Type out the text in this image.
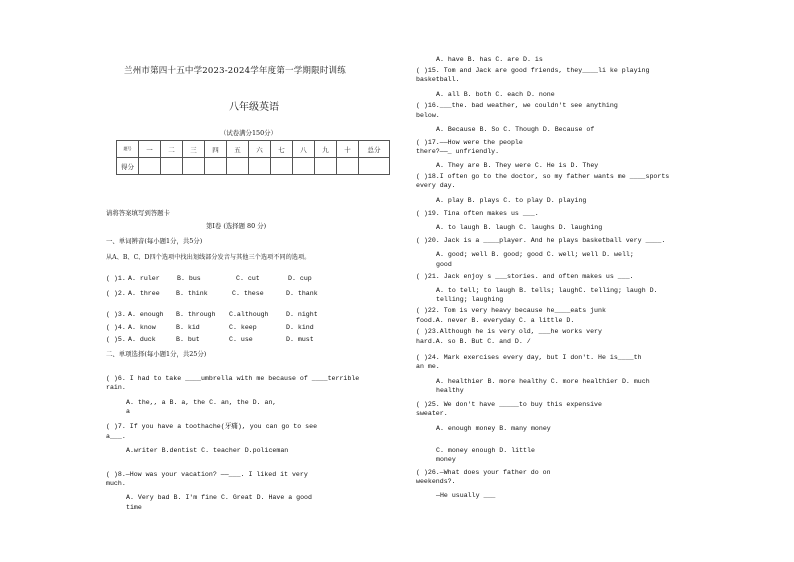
兰州市第四十五中学2023-2024学年度第一学期限时训练
八年级英语
（试卷满分150分）
题号	一	二	三	四	五	六	七	八	九	十	总分
得分											
请将答案填写到答题卡
第Ⅰ卷 (选择题 80 分)
一、单词辨音(每小题1分，共5分)
从A、B、C、D四个选项中找出划线部分发音与其他三个选项不同的选项。
( )1. A. ruler	B. bus	C. cut	D. cup
( )2. A. three B. think	C. these	D. thank
( )3. A. enough B. through C.although	D. night
( )4. A. know	B. kid	C. keep	D. kind
( )5. A. duck	B. but	C. use	D. must
二、单项选择(每小题1分，共25分)
( )6. I had to take ____umbrella with me because of ____terrible
rain.
A. the,, a B. a, the C. an, the D. an,
a
( )7. If you have a toothache(牙痛), you can go to see
a___.
A.writer B.dentist C. teacher D.policeman
( )8.—How was your vacation? ——___. I liked it very
much.
A. Very bad B. I'm fine C. Great D. Have a good
time
A. have B. has C. are D. is
( )15. Tom and Jack are good friends, they____li ke playing
basketball.
A. all B. both C. each D. none
( )16.___the. bad weather, we couldn't see anything
below.
A. Because B. So C. Though D. Because of
( )17.——How were the people
there?——_ unfriendly.
A. They are B. They were C. He is D. They
( )18.I often go to the doctor, so my father wants me ____sports
every day.
A. play B. plays C. to play D. playing
( )19. Tina often makes us ___.
A. to laugh B. laugh C. laughs D. laughing
( )20. Jack is a ____player. And he plays basketball very ____.
A. good; well B. good; good C. well; well D. well;
good
( )21. Jack enjoy s ___stories. and often makes us ___.
A. to tell; to laugh B. tells; laughC. telling; laugh D.
telling; laughing
( )22. Tom is very heavy because he____eats junk
food.A. never B. everyday C. a little D.
( )23.Although he is very old, ___he works very
hard.A. so B. But C. and D. /
( )24. Mark exercises every day, but I don't. He is____th
an me.
A. healthier B. more healthy C. more healthier D. much
healthy
( )25. We don't have _____to buy this expensive
sweater.
A. enough money B. many money
C. money enough D. little
money
( )26.—What does your father do on
weekends?.
—He usually ___
